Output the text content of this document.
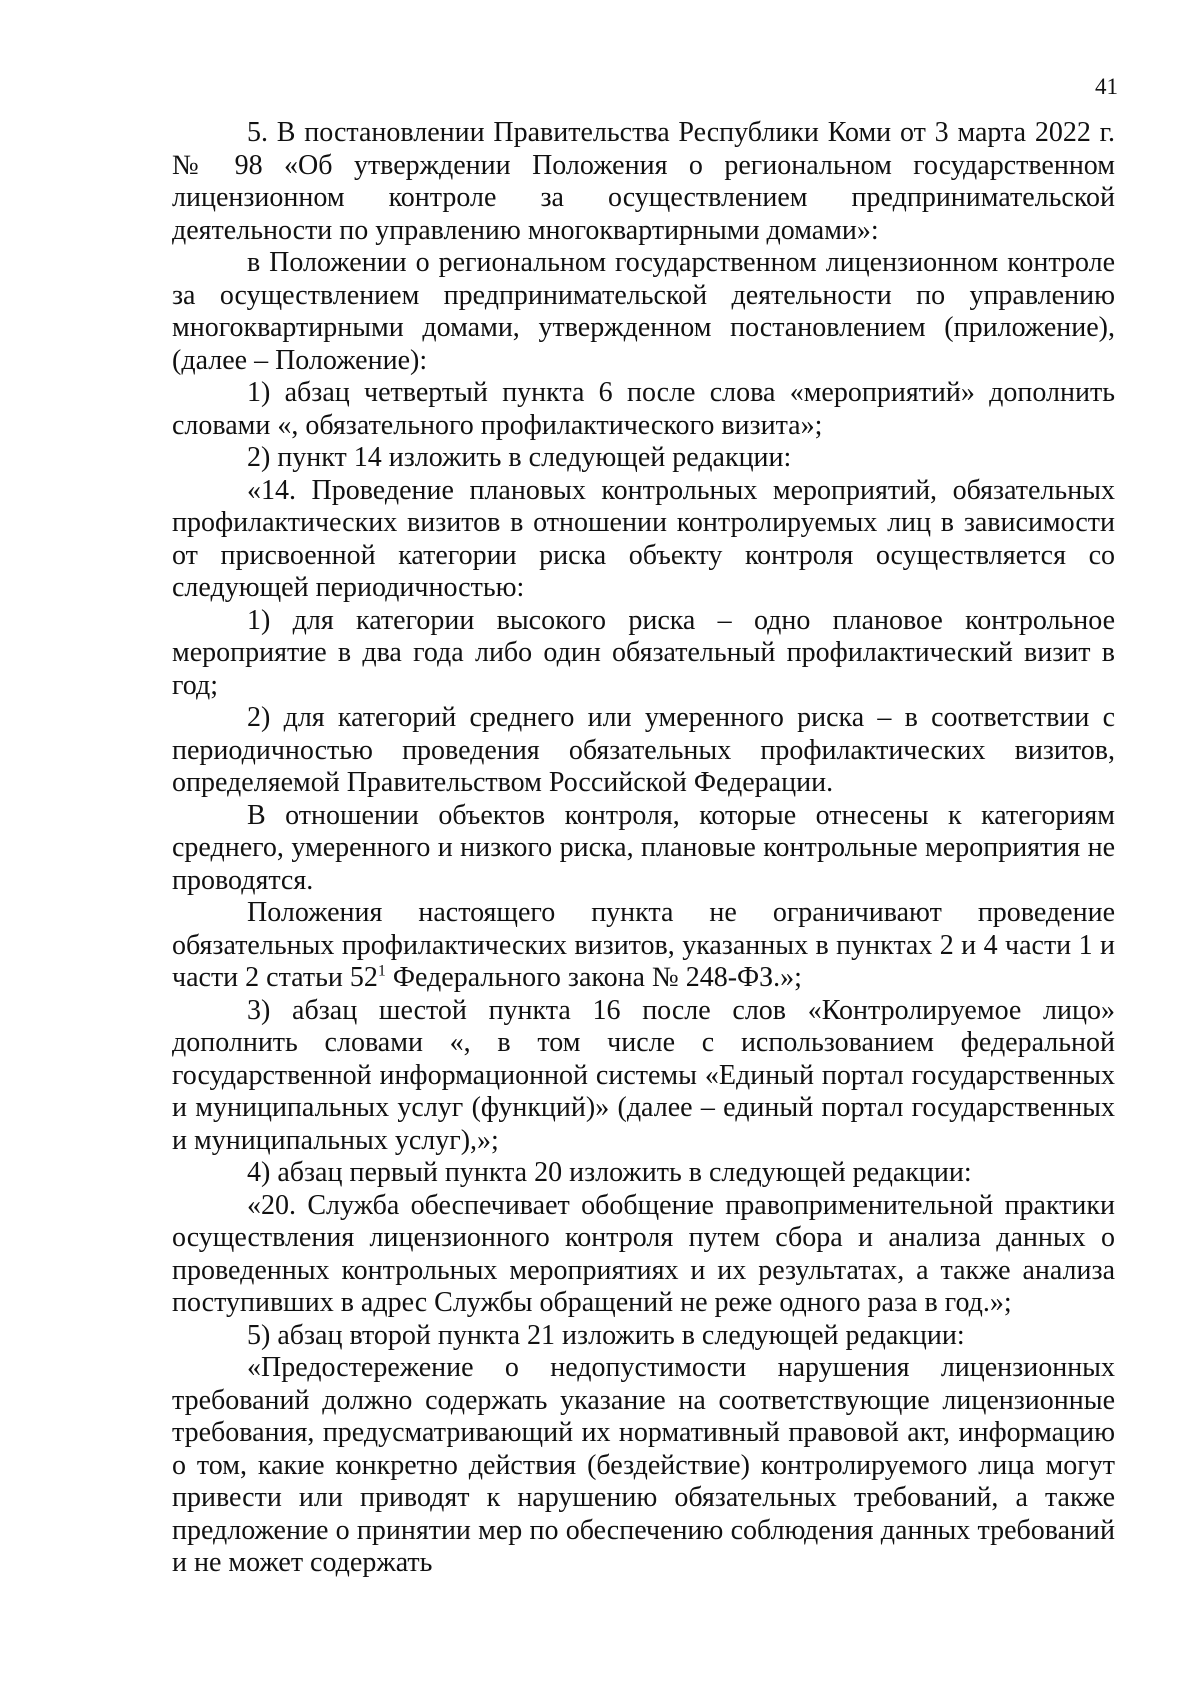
41

5. В постановлении Правительства Республики Коми от 3 марта 2022 г. № 98 «Об утверждении Положения о региональном государственном лицензионном контроле за осуществлением предпринимательской деятельности по управлению многоквартирными домами»:

в Положении о региональном государственном лицензионном контроле за осуществлением предпринимательской деятельности по управлению многоквартирными домами, утвержденном постановлением (приложение), (далее – Положение):

1) абзац четвертый пункта 6 после слова «мероприятий» дополнить словами «, обязательного профилактического визита»;

2) пункт 14 изложить в следующей редакции:

«14. Проведение плановых контрольных мероприятий, обязательных профилактических визитов в отношении контролируемых лиц в зависимости от присвоенной категории риска объекту контроля осуществляется со следующей периодичностью:

1) для категории высокого риска – одно плановое контрольное мероприятие в два года либо один обязательный профилактический визит в год;

2) для категорий среднего или умеренного риска – в соответствии с периодичностью проведения обязательных профилактических визитов, определяемой Правительством Российской Федерации.

В отношении объектов контроля, которые отнесены к категориям среднего, умеренного и низкого риска, плановые контрольные мероприятия не проводятся.

Положения настоящего пункта не ограничивают проведение обязательных профилактических визитов, указанных в пунктах 2 и 4 части 1 и части 2 статьи $52^1$ Федерального закона № 248-ФЗ.»;

3) абзац шестой пункта 16 после слов «Контролируемое лицо» дополнить словами «, в том числе с использованием федеральной государственной информационной системы «Единый портал государственных и муниципальных услуг (функций)» (далее – единый портал государственных и муниципальных услуг),»;

4) абзац первый пункта 20 изложить в следующей редакции:

«20. Служба обеспечивает обобщение правоприменительной практики осуществления лицензионного контроля путем сбора и анализа данных о проведенных контрольных мероприятиях и их результатах, а также анализа поступивших в адрес Службы обращений не реже одного раза в год.»;

5) абзац второй пункта 21 изложить в следующей редакции:

«Предостережение о недопустимости нарушения лицензионных требований должно содержать указание на соответствующие лицензионные требования, предусматривающий их нормативный правовой акт, информацию о том, какие конкретно действия (бездействие) контролируемого лица могут привести или приводят к нарушению обязательных требований, а также предложение о принятии мер по обеспечению соблюдения данных требований и не может содержать
